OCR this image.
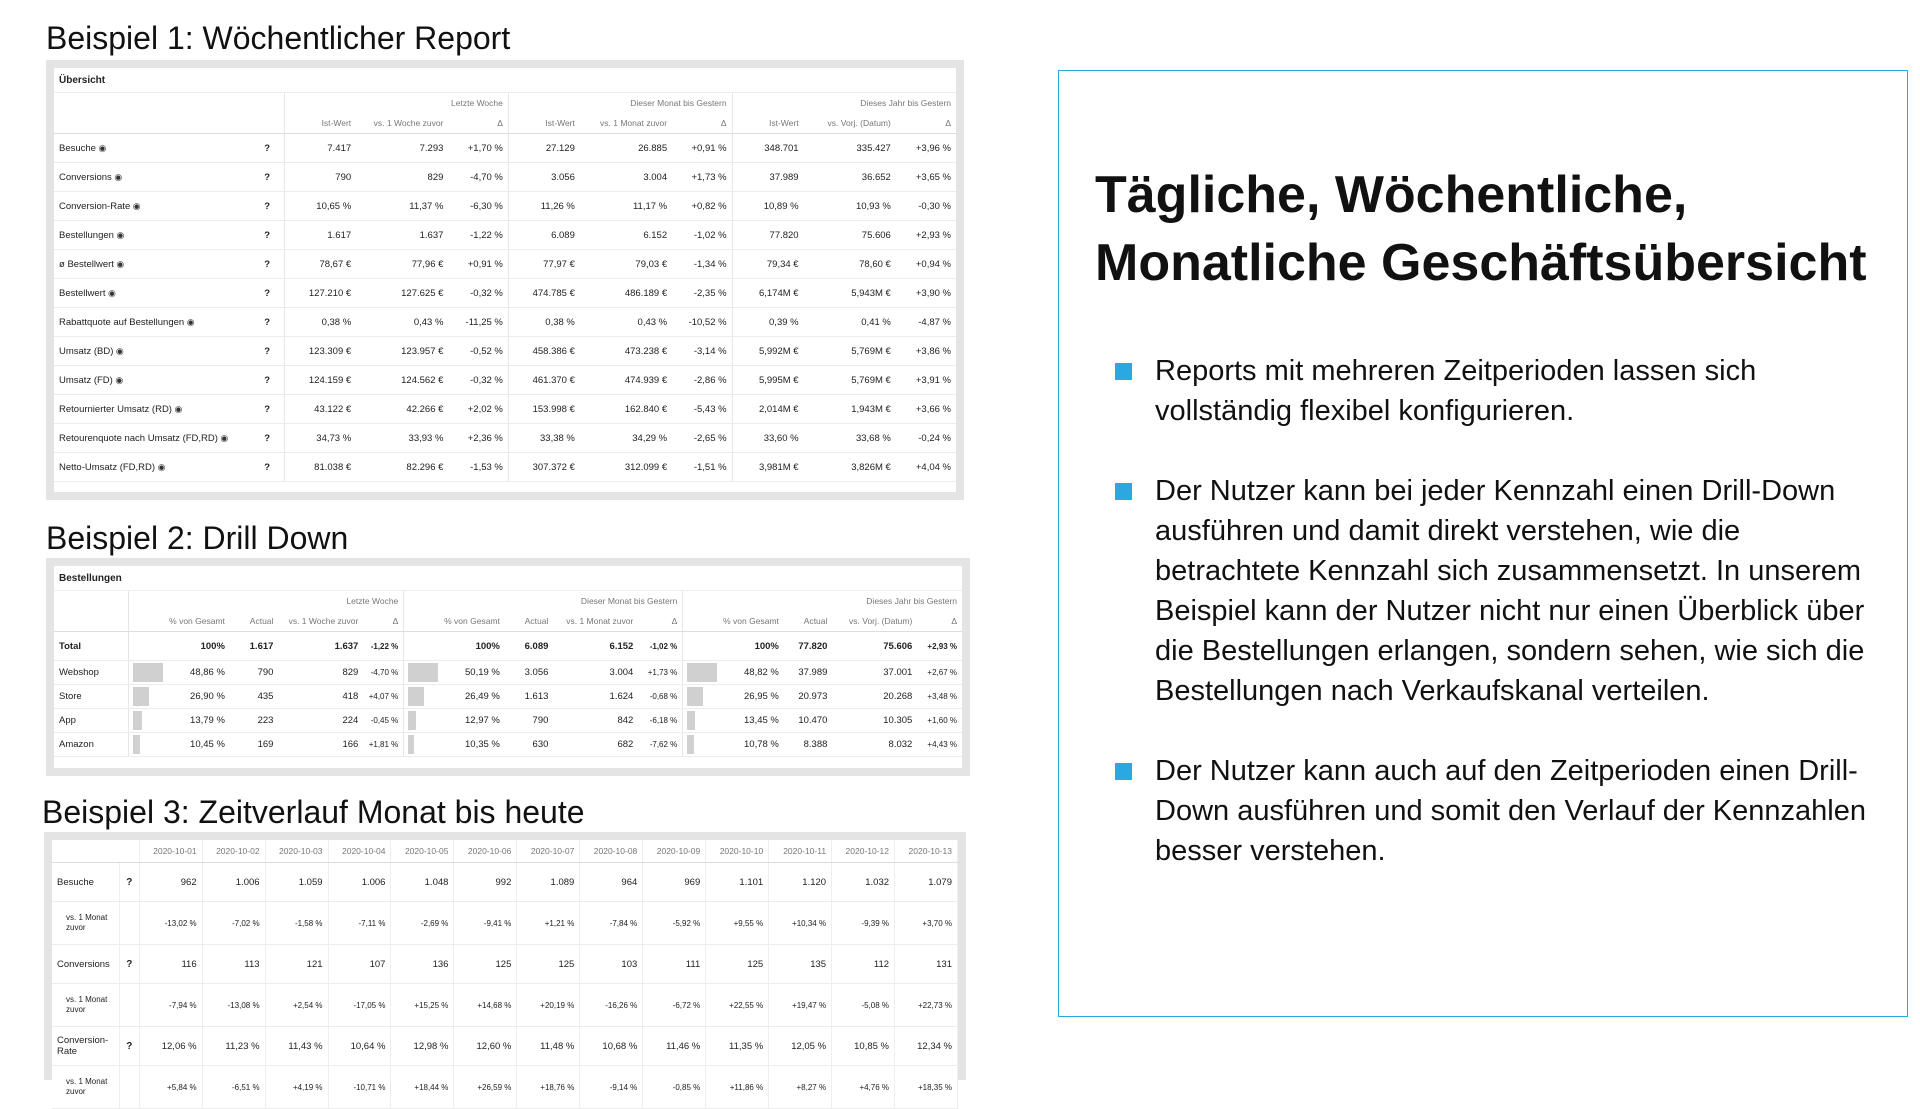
Beispiel 1: Wöchentlicher Report
Übersicht										
		Letzte Woche			Dieser Monat bis Gestern			Dieses Jahr bis Gestern		
		Ist-Wert	vs. 1 Woche zuvor	Δ	Ist-Wert	vs. 1 Monat zuvor	Δ	Ist-Wert	vs. Vorj. (Datum)	Δ
Besuche ◉	?	7.417	7.293	+1,70 %	27.129	26.885	+0,91 %	348.701	335.427	+3,96 %
Conversions ◉	?	790	829	-4,70 %	3.056	3.004	+1,73 %	37.989	36.652	+3,65 %
Conversion-Rate ◉	?	10,65 %	11,37 %	-6,30 %	11,26 %	11,17 %	+0,82 %	10,89 %	10,93 %	-0,30 %
Bestellungen ◉	?	1.617	1.637	-1,22 %	6.089	6.152	-1,02 %	77.820	75.606	+2,93 %
ø Bestellwert ◉	?	78,67 €	77,96 €	+0,91 %	77,97 €	79,03 €	-1,34 %	79,34 €	78,60 €	+0,94 %
Bestellwert ◉	?	127.210 €	127.625 €	-0,32 %	474.785 €	486.189 €	-2,35 %	6,174M €	5,943M €	+3,90 %
Rabattquote auf Bestellungen ◉	?	0,38 %	0,43 %	-11,25 %	0,38 %	0,43 %	-10,52 %	0,39 %	0,41 %	-4,87 %
Umsatz (BD) ◉	?	123.309 €	123.957 €	-0,52 %	458.386 €	473.238 €	-3,14 %	5,992M €	5,769M €	+3,86 %
Umsatz (FD) ◉	?	124.159 €	124.562 €	-0,32 %	461.370 €	474.939 €	-2,86 %	5,995M €	5,769M €	+3,91 %
Retournierter Umsatz (RD) ◉	?	43.122 €	42.266 €	+2,02 %	153.998 €	162.840 €	-5,43 %	2,014M €	1,943M €	+3,66 %
Retourenquote nach Umsatz (FD,RD) ◉	?	34,73 %	33,93 %	+2,36 %	33,38 %	34,29 %	-2,65 %	33,60 %	33,68 %	-0,24 %
Netto-Umsatz (FD,RD) ◉	?	81.038 €	82.296 €	-1,53 %	307.372 €	312.099 €	-1,51 %	3,981M €	3,826M €	+4,04 %
Beispiel 2: Drill Down
Bestellungen												
	Letzte Woche				Dieser Monat bis Gestern				Dieses Jahr bis Gestern			
	% von Gesamt	Actual	vs. 1 Woche zuvor	Δ	% von Gesamt	Actual	vs. 1 Monat zuvor	Δ	% von Gesamt	Actual	vs. Vorj. (Datum)	Δ
Total	100%	1.617	1.637	-1,22 %	100%	6.089	6.152	-1,02 %	100%	77.820	75.606	+2,93 %
Webshop	48,86 %	790	829	-4,70 %	50,19 %	3.056	3.004	+1,73 %	48,82 %	37.989	37.001	+2,67 %
Store	26,90 %	435	418	+4,07 %	26,49 %	1.613	1.624	-0,68 %	26,95 %	20.973	20.268	+3,48 %
App	13,79 %	223	224	-0,45 %	12,97 %	790	842	-6,18 %	13,45 %	10.470	10.305	+1,60 %
Amazon	10,45 %	169	166	+1,81 %	10,35 %	630	682	-7,62 %	10,78 %	8.388	8.032	+4,43 %
Beispiel 3: Zeitverlauf Monat bis heute
		2020-10-01	2020-10-02	2020-10-03	2020-10-04	2020-10-05	2020-10-06	2020-10-07	2020-10-08	2020-10-09	2020-10-10	2020-10-11	2020-10-12	2020-10-13
Besuche	?	962	1.006	1.059	1.006	1.048	992	1.089	964	969	1.101	1.120	1.032	1.079
vs. 1 Monat zuvor		-13,02 %	-7,02 %	-1,58 %	-7,11 %	-2,69 %	-9,41 %	+1,21 %	-7,84 %	-5,92 %	+9,55 %	+10,34 %	-9,39 %	+3,70 %
Conversions	?	116	113	121	107	136	125	125	103	111	125	135	112	131
vs. 1 Monat zuvor		-7,94 %	-13,08 %	+2,54 %	-17,05 %	+15,25 %	+14,68 %	+20,19 %	-16,26 %	-6,72 %	+22,55 %	+19,47 %	-5,08 %	+22,73 %
Conversion-Rate	?	12,06 %	11,23 %	11,43 %	10,64 %	12,98 %	12,60 %	11,48 %	10,68 %	11,46 %	11,35 %	12,05 %	10,85 %	12,34 %
vs. 1 Monat zuvor		+5,84 %	-6,51 %	+4,19 %	-10,71 %	+18,44 %	+26,59 %	+18,76 %	-9,14 %	-0,85 %	+11,86 %	+8,27 %	+4,76 %	+18,35 %
Tägliche, Wöchentliche,
Monatliche Geschäftsübersicht
Reports mit mehreren Zeitperioden lassen sich vollständig flexibel konfigurieren.
Der Nutzer kann bei jeder Kennzahl einen Drill-Down ausführen und damit direkt verstehen, wie die betrachtete Kennzahl sich zusammensetzt. In unserem Beispiel kann der Nutzer nicht nur einen Überblick über die Bestellungen erlangen, sondern sehen, wie sich die Bestellungen nach Verkaufskanal verteilen.
Der Nutzer kann auch auf den Zeitperioden einen Drill-Down ausführen und somit den Verlauf der Kennzahlen besser verstehen.
